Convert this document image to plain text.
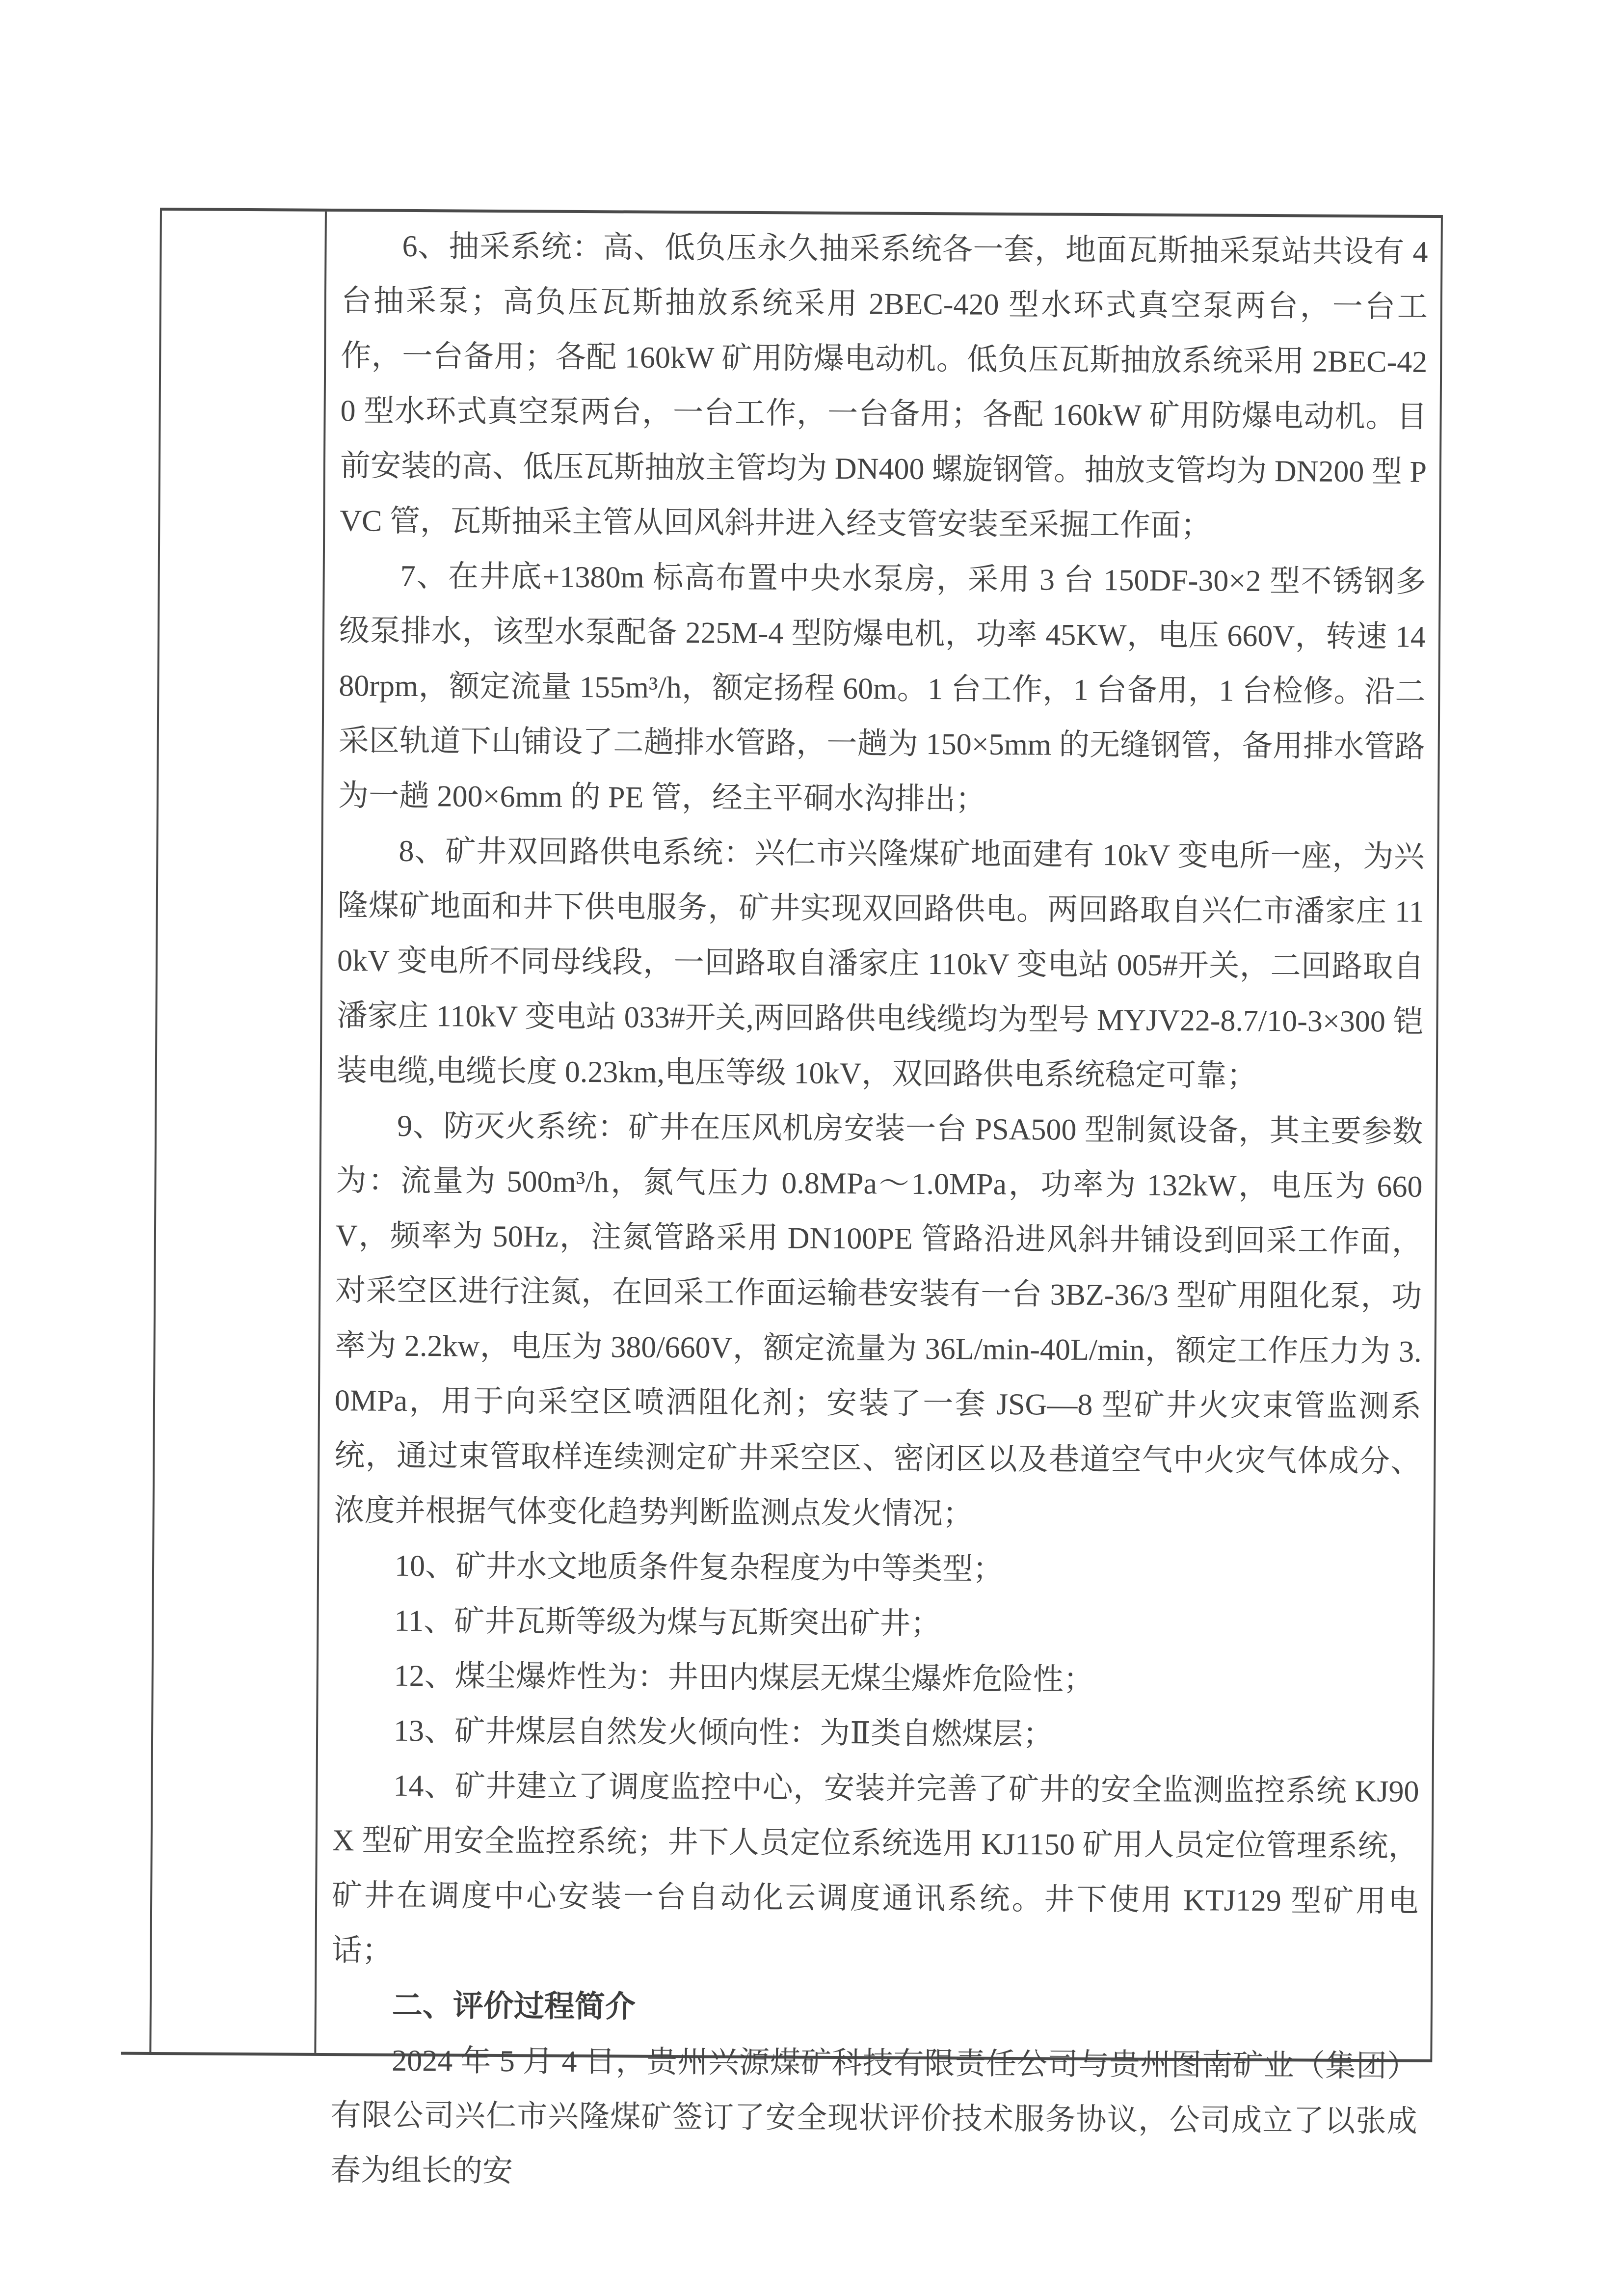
6、抽采系统：高、低负压永久抽采系统各一套，地面瓦斯抽采泵站共设有 4 台抽采泵；高负压瓦斯抽放系统采用 2BEC-420 型水环式真空泵两台，一台工作，一台备用；各配 160kW 矿用防爆电动机。低负压瓦斯抽放系统采用 2BEC-420 型水环式真空泵两台，一台工作，一台备用；各配 160kW 矿用防爆电动机。目前安装的高、低压瓦斯抽放主管均为 DN400 螺旋钢管。抽放支管均为 DN200 型 PVC 管，瓦斯抽采主管从回风斜井进入经支管安装至采掘工作面；

7、在井底+1380m 标高布置中央水泵房，采用 3 台 150DF-30×2 型不锈钢多级泵排水，该型水泵配备 225M-4 型防爆电机，功率 45KW，电压 660V，转速 1480rpm，额定流量 155m³/h，额定扬程 60m。1 台工作，1 台备用，1 台检修。沿二采区轨道下山铺设了二趟排水管路，一趟为 150×5mm 的无缝钢管，备用排水管路为一趟 200×6mm 的 PE 管，经主平硐水沟排出；

8、矿井双回路供电系统：兴仁市兴隆煤矿地面建有 10kV 变电所一座，为兴隆煤矿地面和井下供电服务，矿井实现双回路供电。两回路取自兴仁市潘家庄 110kV 变电所不同母线段，一回路取自潘家庄 110kV 变电站 005#开关，二回路取自潘家庄 110kV 变电站 033#开关,两回路供电线缆均为型号 MYJV22-8.7/10-3×300 铠装电缆,电缆长度 0.23km,电压等级 10kV，双回路供电系统稳定可靠；

9、防灭火系统：矿井在压风机房安装一台 PSA500 型制氮设备，其主要参数为：流量为 500m³/h，氮气压力 0.8MPa～1.0MPa，功率为 132kW，电压为 660V，频率为 50Hz，注氮管路采用 DN100PE 管路沿进风斜井铺设到回采工作面，对采空区进行注氮，在回采工作面运输巷安装有一台 3BZ-36/3 型矿用阻化泵，功率为 2.2kw，电压为 380/660V，额定流量为 36L/min-40L/min，额定工作压力为 3.0MPa，用于向采空区喷洒阻化剂；安装了一套 JSG—8 型矿井火灾束管监测系统，通过束管取样连续测定矿井采空区、密闭区以及巷道空气中火灾气体成分、浓度并根据气体变化趋势判断监测点发火情况；

10、矿井水文地质条件复杂程度为中等类型；

11、矿井瓦斯等级为煤与瓦斯突出矿井；

12、煤尘爆炸性为：井田内煤层无煤尘爆炸危险性；

13、矿井煤层自然发火倾向性：为Ⅱ类自燃煤层；

14、矿井建立了调度监控中心，安装并完善了矿井的安全监测监控系统 KJ90X 型矿用安全监控系统；井下人员定位系统选用 KJ1150 矿用人员定位管理系统，矿井在调度中心安装一台自动化云调度通讯系统。井下使用 KTJ129 型矿用电话；

二、评价过程简介

2024 年 5 月 4 日，贵州兴源煤矿科技有限责任公司与贵州图南矿业（集团）有限公司兴仁市兴隆煤矿签订了安全现状评价技术服务协议，公司成立了以张成春为组长的安
